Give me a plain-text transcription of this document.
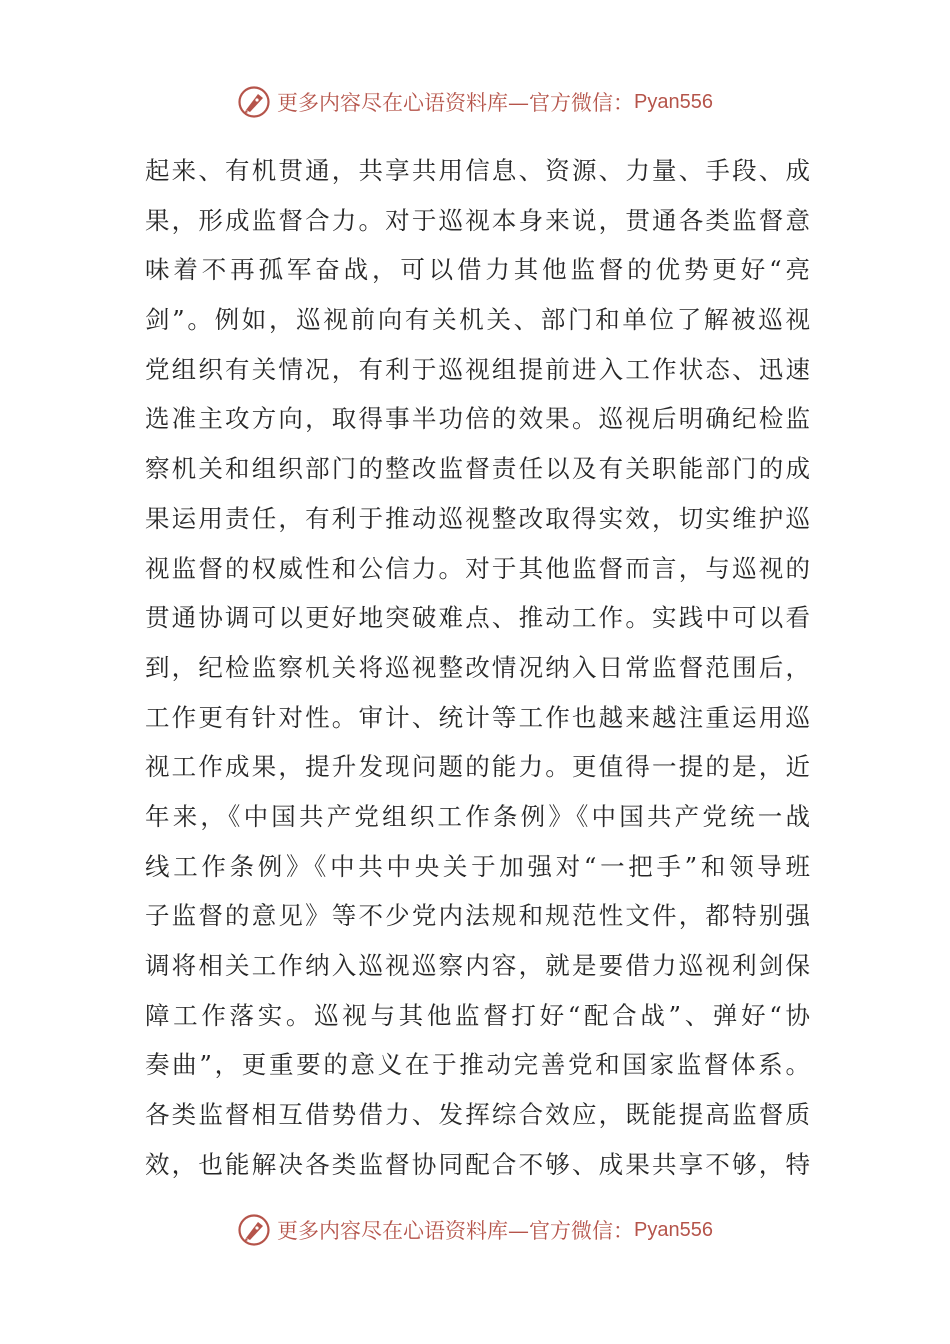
更多内容尽在心语资料库—官方微信： Pyan556
起来、有机贯通，共享共用信息、资源、力量、手段、成
果，形成监督合力。对于巡视本身来说，贯通各类监督意
味着不再孤军奋战，可以借力其他监督的优势更好“亮
剑”。例如，巡视前向有关机关、部门和单位了解被巡视
党组织有关情况，有利于巡视组提前进入工作状态、迅速
选准主攻方向，取得事半功倍的效果。巡视后明确纪检监
察机关和组织部门的整改监督责任以及有关职能部门的成
果运用责任，有利于推动巡视整改取得实效，切实维护巡
视监督的权威性和公信力。对于其他监督而言，与巡视的
贯通协调可以更好地突破难点、推动工作。实践中可以看
到，纪检监察机关将巡视整改情况纳入日常监督范围后，
工作更有针对性。审计、统计等工作也越来越注重运用巡
视工作成果，提升发现问题的能力。更值得一提的是，近
年来，《中国共产党组织工作条例》《中国共产党统一战
线工作条例》《中共中央关于加强对“一把手”和领导班
子监督的意见》等不少党内法规和规范性文件，都特别强
调将相关工作纳入巡视巡察内容，就是要借力巡视利剑保
障工作落实。巡视与其他监督打好“配合战”、弹好“协
奏曲”，更重要的意义在于推动完善党和国家监督体系。
各类监督相互借势借力、发挥综合效应，既能提高监督质
效，也能解决各类监督协同配合不够、成果共享不够，特
更多内容尽在心语资料库—官方微信： Pyan556
